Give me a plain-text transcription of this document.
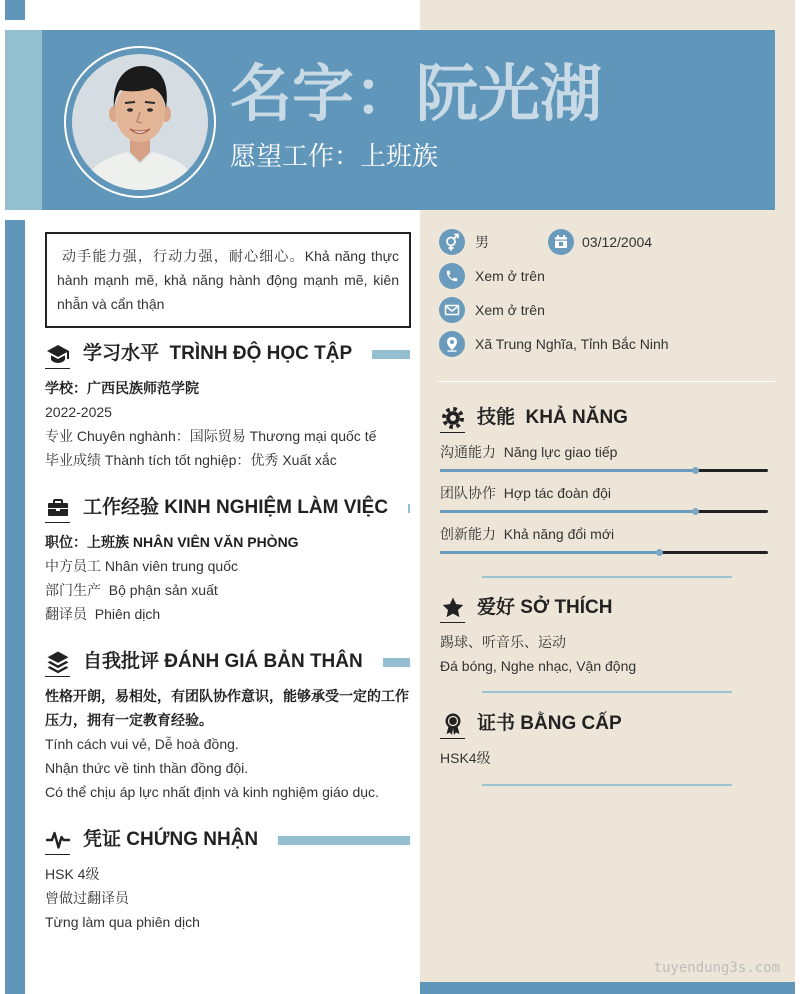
名字：阮光湖
愿望工作：上班族
动手能力强，行动力强，耐心细心。Khả năng thực hành mạnh mẽ, khả năng hành động mạnh mẽ, kiên nhẫn và cẩn thận
学习水平  TRÌNH ĐỘ HỌC TẬP

学校：广西民族师范学院

2022-2025

专业 Chuyên nghành：国际贸易 Thương mại quốc tế

毕业成绩 Thành tích tốt nghiệp：优秀 Xuất xắc

工作经验 KINH NGHIỆM LÀM VIỆC

职位：上班族 NHÂN VIÊN VĂN PHÒNG

中方员工 Nhân viên trung quốc

部门生产  Bộ phận sản xuất

翻译员  Phiên dịch

自我批评 ĐÁNH GIÁ BẢN THÂN

性格开朗，易相处，有团队协作意识，能够承受一定的工作压力，拥有一定教育经验。

Tính cách vui vẻ, Dễ hoà đồng.

Nhận thức về tinh thần đồng đội.

Có thể chịu áp lực nhất định và kinh nghiệm giáo dục.

凭证 CHỨNG NHẬN

HSK 4级

曾做过翻译员

Từng làm qua phiên dịch

男	03/12/2004
Xem ở trên
Xem ở trên
Xã Trung Nghĩa, Tỉnh Bắc Ninh
技能  KHẢ NĂNG
沟通能力  Năng lực giao tiếp
团队协作  Hợp tác đoàn đội
创新能力  Khả năng đổi mới
爱好 SỞ THÍCH

踢球、听音乐、运动

Đá bóng, Nghe nhạc, Vận động

证书 BẰNG CẤP

HSK4级

tuyendung3s.com
